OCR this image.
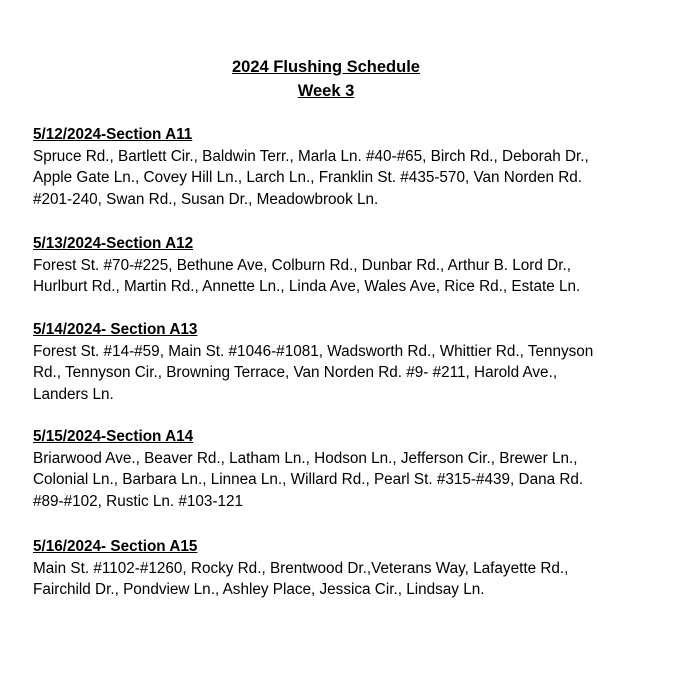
2024 Flushing Schedule
Week 3
5/12/2024-Section A11
Spruce Rd., Bartlett Cir., Baldwin Terr., Marla Ln. #40-#65, Birch Rd., Deborah Dr.,
Apple Gate Ln., Covey Hill Ln., Larch Ln., Franklin St. #435-570, Van Norden Rd.
#201-240, Swan Rd., Susan Dr., Meadowbrook Ln.
5/13/2024-Section A12
Forest St. #70-#225, Bethune Ave, Colburn Rd., Dunbar Rd., Arthur B. Lord Dr.,
Hurlburt Rd., Martin Rd., Annette Ln., Linda Ave, Wales Ave, Rice Rd., Estate Ln.
5/14/2024- Section A13
Forest St. #14-#59, Main St. #1046-#1081, Wadsworth Rd., Whittier Rd., Tennyson
Rd., Tennyson Cir., Browning Terrace, Van Norden Rd. #9- #211, Harold Ave.,
Landers Ln.
5/15/2024-Section A14
Briarwood Ave., Beaver Rd., Latham Ln., Hodson Ln., Jefferson Cir., Brewer Ln.,
Colonial Ln., Barbara Ln., Linnea Ln., Willard Rd., Pearl St. #315-#439, Dana Rd.
#89-#102, Rustic Ln. #103-121
5/16/2024- Section A15
Main St. #1102-#1260, Rocky Rd., Brentwood Dr.,Veterans Way, Lafayette Rd.,
Fairchild Dr., Pondview Ln., Ashley Place, Jessica Cir., Lindsay Ln.
